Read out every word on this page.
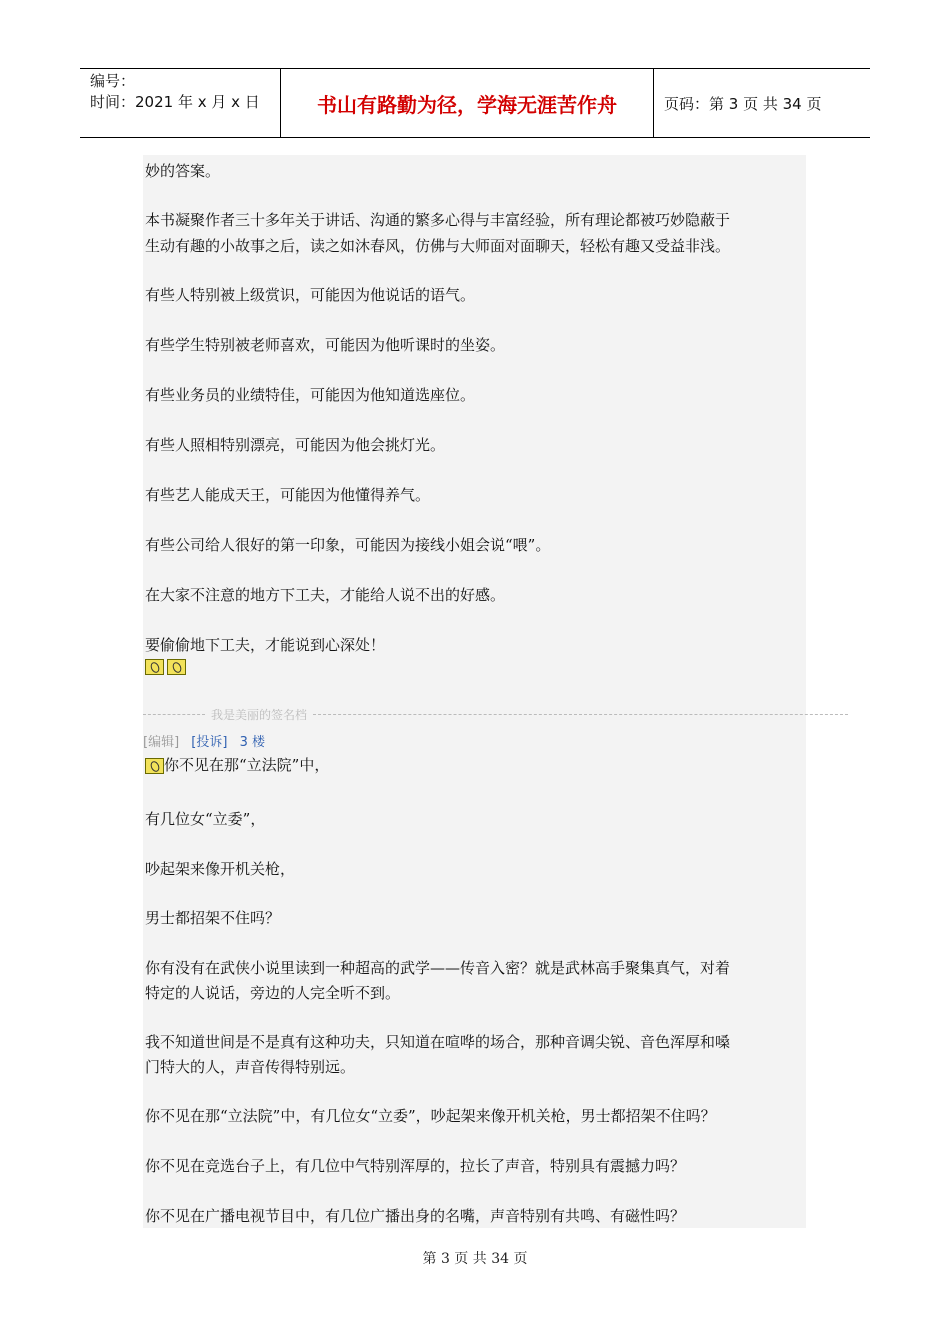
编号：
时间：2021 年 x 月 x 日	书山有路勤为径，学海无涯苦作舟	页码：第 3 页 共 34 页

妙的答案。

本书凝聚作者三十多年关于讲话、沟通的繁多心得与丰富经验，所有理论都被巧妙隐蔽于

生动有趣的小故事之后，读之如沐春风，仿佛与大师面对面聊天，轻松有趣又受益非浅。

有些人特别被上级赏识，可能因为他说话的语气。

有些学生特别被老师喜欢，可能因为他听课时的坐姿。

有些业务员的业绩特佳，可能因为他知道选座位。

有些人照相特别漂亮，可能因为他会挑灯光。

有些艺人能成天王，可能因为他懂得养气。

有些公司给人很好的第一印象，可能因为接线小姐会说“喂”。

在大家不注意的地方下工夫，才能给人说不出的好感。

要偷偷地下工夫，才能说到心深处！

你不见在那“立法院”中，

有几位女“立委”，

吵起架来像开机关枪，

男士都招架不住吗？

你有没有在武侠小说里读到一种超高的武学——传音入密？就是武林高手聚集真气，对着

特定的人说话，旁边的人完全听不到。

我不知道世间是不是真有这种功夫，只知道在喧哗的场合，那种音调尖锐、音色浑厚和嗓

门特大的人，声音传得特别远。

你不见在那“立法院”中，有几位女“立委”，吵起架来像开机关枪，男士都招架不住吗？

你不见在竞选台子上，有几位中气特别浑厚的，拉长了声音，特别具有震撼力吗？

你不见在广播电视节目中，有几位广播出身的名嘴，声音特别有共鸣、有磁性吗？

我是美丽的签名档
[编辑] [投诉] 3 楼
第 3 页 共 34 页
